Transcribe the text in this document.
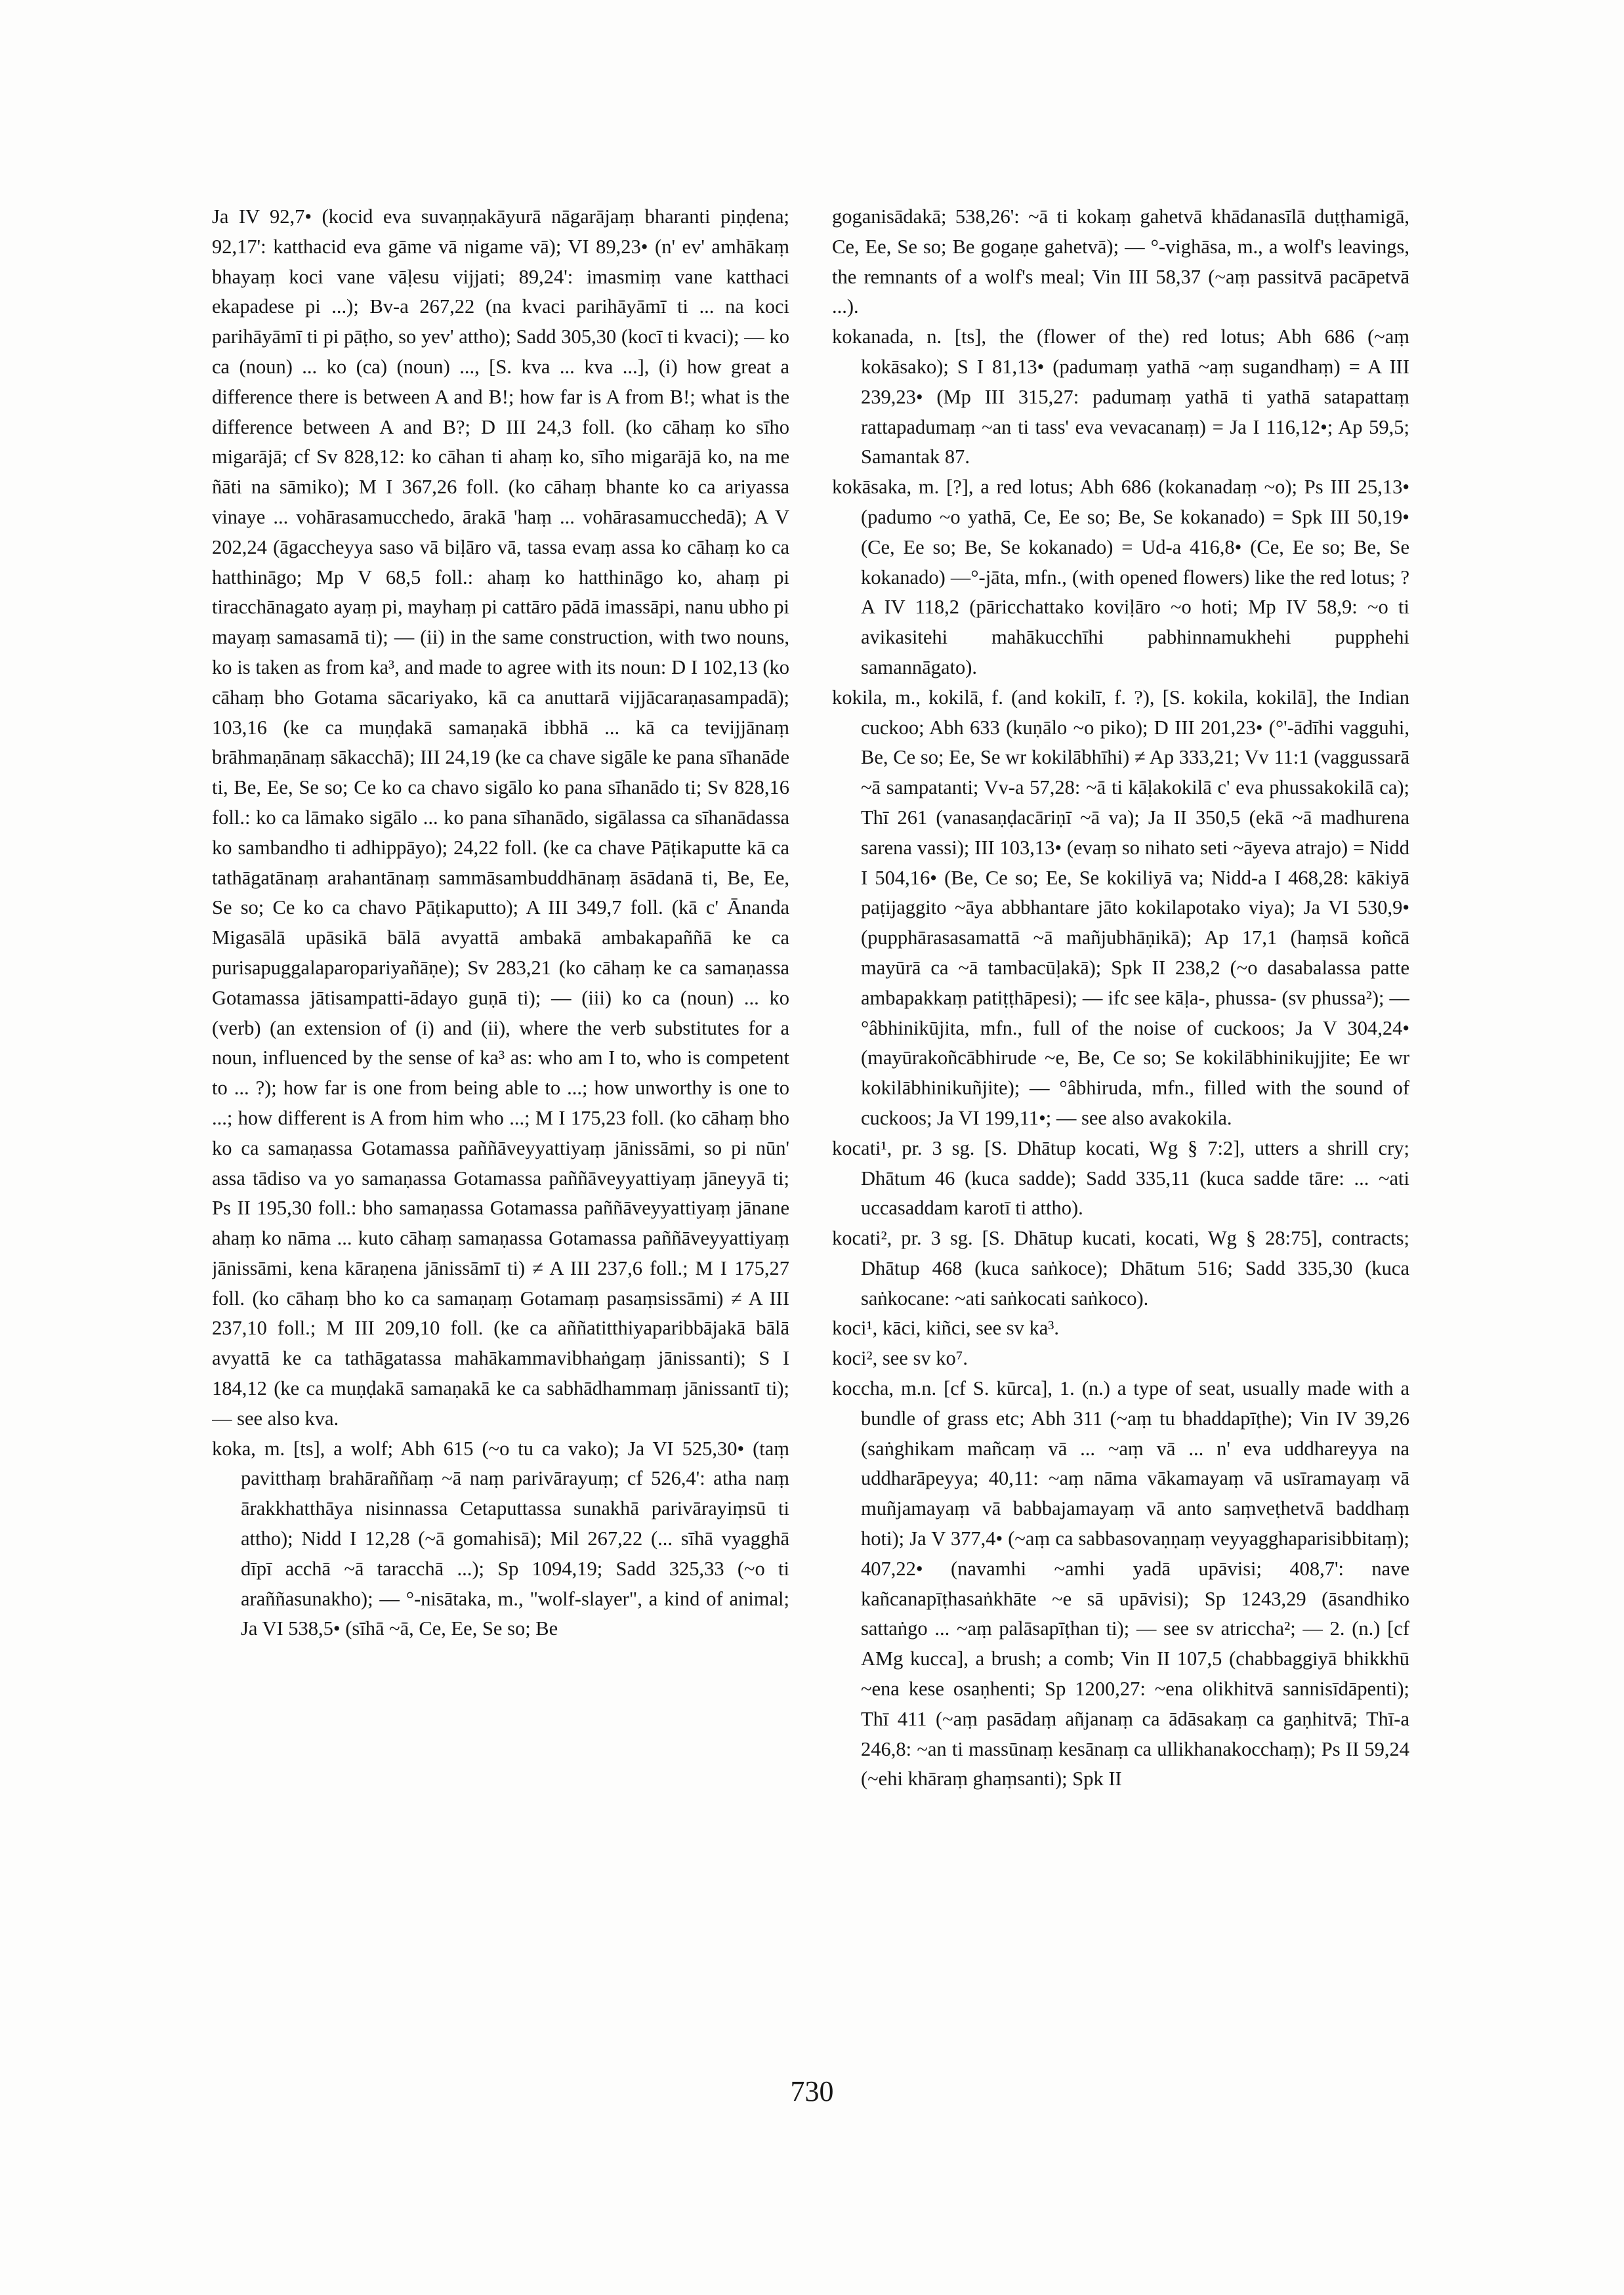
Ja IV 92,7• (kocid eva suvaṇṇakāyurā nāgarājaṃ bharanti piṇḍena; 92,17': katthacid eva gāme vā nigame vā); VI 89,23• (n' ev' amhākaṃ bhayaṃ koci vane vāḷesu vijjati; 89,24': imasmiṃ vane katthaci ekapadese pi ...); Bv-a 267,22 (na kvaci parihāyāmī ti ... na koci parihāyāmī ti pi pāṭho, so yev' attho); Sadd 305,30 (kocī ti kvaci); — ko ca (noun) ... ko (ca) (noun) ..., [S. kva ... kva ...], (i) how great a difference there is between A and B!; how far is A from B!; what is the difference between A and B?; D III 24,3 foll. (ko cāhaṃ ko sīho migarājā; cf Sv 828,12: ko cāhan ti ahaṃ ko, sīho migarājā ko, na me ñāti na sāmiko); M I 367,26 foll. (ko cāhaṃ bhante ko ca ariyassa vinaye ... vohārasamucchedo, ārakā 'haṃ ... vohārasamucchedā); A V 202,24 (āgaccheyya saso vā biḷāro vā, tassa evaṃ assa ko cāhaṃ ko ca hatthināgo; Mp V 68,5 foll.: ahaṃ ko hatthināgo ko, ahaṃ pi tiracchānagato ayaṃ pi, mayhaṃ pi cattāro pādā imassāpi, nanu ubho pi mayaṃ samasamā ti); — (ii) in the same construction, with two nouns, ko is taken as from ka³, and made to agree with its noun: D I 102,13 (ko cāhaṃ bho Gotama sācariyako, kā ca anuttarā vijjācaraṇasampadā); 103,16 (ke ca muṇḍakā samaṇakā ibbhā ... kā ca tevijjānaṃ brāhmaṇānaṃ sākacchā); III 24,19 (ke ca chave sigāle ke pana sīhanāde ti, Be, Ee, Se so; Ce ko ca chavo sigālo ko pana sīhanādo ti; Sv 828,16 foll.: ko ca lāmako sigālo ... ko pana sīhanādo, sigālassa ca sīhanādassa ko sambandho ti adhippāyo); 24,22 foll. (ke ca chave Pāṭikaputte kā ca tathāgatānaṃ arahantānaṃ sammāsambuddhānaṃ āsādanā ti, Be, Ee, Se so; Ce ko ca chavo Pāṭikaputto); A III 349,7 foll. (kā c' Ānanda Migasālā upāsikā bālā avyattā ambakā ambakapaññā ke ca purisapuggalaparopariyañāṇe); Sv 283,21 (ko cāhaṃ ke ca samaṇassa Gotamassa jātisampatti-ādayo guṇā ti); — (iii) ko ca (noun) ... ko (verb) (an extension of (i) and (ii), where the verb substitutes for a noun, influenced by the sense of ka³ as: who am I to, who is competent to ... ?); how far is one from being able to ...; how unworthy is one to ...; how different is A from him who ...; M I 175,23 foll. (ko cāhaṃ bho ko ca samaṇassa Gotamassa paññāveyyattiyaṃ jānissāmi, so pi nūn' assa tādiso va yo samaṇassa Gotamassa paññāveyyattiyaṃ jāneyyā ti; Ps II 195,30 foll.: bho samaṇassa Gotamassa paññāveyyattiyaṃ jānane ahaṃ ko nāma ... kuto cāhaṃ samaṇassa Gotamassa paññāveyyattiyaṃ jānissāmi, kena kāraṇena jānissāmī ti) ≠ A III 237,6 foll.; M I 175,27 foll. (ko cāhaṃ bho ko ca samaṇaṃ Gotamaṃ pasaṃsissāmi) ≠ A III 237,10 foll.; M III 209,10 foll. (ke ca aññatitthiyaparibbājakā bālā avyattā ke ca tathāgatassa mahākammavibhaṅgaṃ jānissanti); S I 184,12 (ke ca muṇḍakā samaṇakā ke ca sabhādhammaṃ jānissantī ti); — see also kva.

koka, m. [ts], a wolf; Abh 615 (~o tu ca vako); Ja VI 525,30• (taṃ pavitthaṃ brahāraññaṃ ~ā naṃ parivārayuṃ; cf 526,4': atha naṃ ārakkhatthāya nisinnassa Cetaputtassa sunakhā parivārayiṃsū ti attho); Nidd I 12,28 (~ā gomahisā); Mil 267,22 (... sīhā vyagghā dīpī acchā ~ā taracchā ...); Sp 1094,19; Sadd 325,33 (~o ti araññasunakho); — °-nisātaka, m., "wolf-slayer", a kind of animal; Ja VI 538,5• (sīhā ~ā, Ce, Ee, Se so; Be

goganisādakā; 538,26': ~ā ti kokaṃ gahetvā khādanasīlā duṭṭhamigā, Ce, Ee, Se so; Be gogaṇe gahetvā); — °-vighāsa, m., a wolf's leavings, the remnants of a wolf's meal; Vin III 58,37 (~aṃ passitvā pacāpetvā ...).

kokanada, n. [ts], the (flower of the) red lotus; Abh 686 (~aṃ kokāsako); S I 81,13• (padumaṃ yathā ~aṃ sugandhaṃ) = A III 239,23• (Mp III 315,27: padumaṃ yathā ti yathā satapattaṃ rattapadumaṃ ~an ti tass' eva vevacanaṃ) = Ja I 116,12•; Ap 59,5; Samantak 87.

kokāsaka, m. [?], a red lotus; Abh 686 (kokanadaṃ ~o); Ps III 25,13• (padumo ~o yathā, Ce, Ee so; Be, Se kokanado) = Spk III 50,19• (Ce, Ee so; Be, Se kokanado) = Ud-a 416,8• (Ce, Ee so; Be, Se kokanado) —°-jāta, mfn., (with opened flowers) like the red lotus; ? A IV 118,2 (pāricchattako koviḷāro ~o hoti; Mp IV 58,9: ~o ti avikasitehi mahākucchīhi pabhinnamukhehi pupphehi samannāgato).

kokila, m., kokilā, f. (and kokilī, f. ?), [S. kokila, kokilā], the Indian cuckoo; Abh 633 (kuṇālo ~o piko); D III 201,23• (°'-ādīhi vagguhi, Be, Ce so; Ee, Se wr kokilābhīhi) ≠ Ap 333,21; Vv 11:1 (vaggussarā ~ā sampatanti; Vv-a 57,28: ~ā ti kāḷakokilā c' eva phussakokilā ca); Thī 261 (vanasaṇḍacāriṇī ~ā va); Ja II 350,5 (ekā ~ā madhurena sarena vassi); III 103,13• (evaṃ so nihato seti ~āyeva atrajo) = Nidd I 504,16• (Be, Ce so; Ee, Se kokiliyā va; Nidd-a I 468,28: kākiyā paṭijaggito ~āya abbhantare jāto kokilapotako viya); Ja VI 530,9• (pupphārasasamattā ~ā mañjubhāṇikā); Ap 17,1 (haṃsā koñcā mayūrā ca ~ā tambacūḷakā); Spk II 238,2 (~o dasabalassa patte ambapakkaṃ patiṭṭhāpesi); — ifc see kāḷa-, phussa- (sv phussa²); — °âbhinikūjita, mfn., full of the noise of cuckoos; Ja V 304,24• (mayūrakoñcābhirude ~e, Be, Ce so; Se kokilābhinikujjite; Ee wr kokilābhinikuñjite); — °âbhiruda, mfn., filled with the sound of cuckoos; Ja VI 199,11•; — see also avakokila.

kocati¹, pr. 3 sg. [S. Dhātup kocati, Wg § 7:2], utters a shrill cry; Dhātum 46 (kuca sadde); Sadd 335,11 (kuca sadde tāre: ... ~ati uccasaddam karotī ti attho).

kocati², pr. 3 sg. [S. Dhātup kucati, kocati, Wg § 28:75], contracts; Dhātup 468 (kuca saṅkoce); Dhātum 516; Sadd 335,30 (kuca saṅkocane: ~ati saṅkocati saṅkoco).

koci¹, kāci, kiñci, see sv ka³.

koci², see sv ko⁷.

koccha, m.n. [cf S. kūrca], 1. (n.) a type of seat, usually made with a bundle of grass etc; Abh 311 (~aṃ tu bhaddapīṭhe); Vin IV 39,26 (saṅghikam mañcaṃ vā ... ~aṃ vā ... n' eva uddhareyya na uddharāpeyya; 40,11: ~aṃ nāma vākamayaṃ vā usīramayaṃ vā muñjamayaṃ vā babbajamayaṃ vā anto saṃveṭhetvā baddhaṃ hoti); Ja V 377,4• (~aṃ ca sabbasovaṇṇaṃ veyyagghaparisibbitaṃ); 407,22• (navamhi ~amhi yadā upāvisi; 408,7': nave kañcanapīṭhasaṅkhāte ~e sā upāvisi); Sp 1243,29 (āsandhiko sattaṅgo ... ~aṃ palāsapīṭhan ti); — see sv atriccha²; — 2. (n.) [cf AMg kucca], a brush; a comb; Vin II 107,5 (chabbaggiyā bhikkhū ~ena kese osaṇhenti; Sp 1200,27: ~ena olikhitvā sannisīdāpenti); Thī 411 (~aṃ pasādaṃ añjanaṃ ca ādāsakaṃ ca gaṇhitvā; Thī-a 246,8: ~an ti massūnaṃ kesānaṃ ca ullikhanakocchaṃ); Ps II 59,24 (~ehi khāraṃ ghaṃsanti); Spk II

730
